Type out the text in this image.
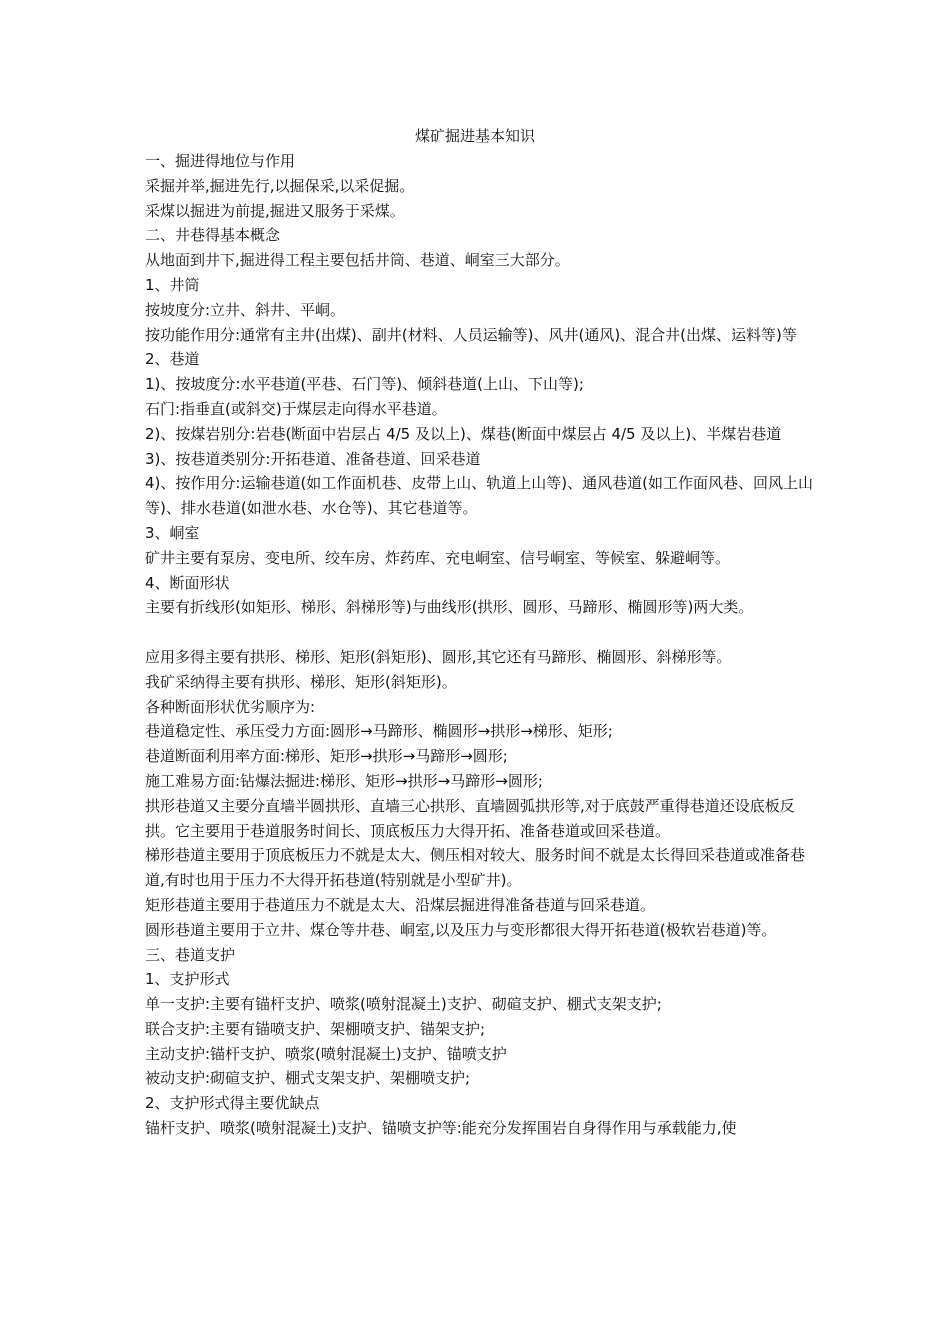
煤矿掘进基本知识

一、掘进得地位与作用

采掘并举,掘进先行,以掘保采,以采促掘。

采煤以掘进为前提,掘进又服务于采煤。

二、井巷得基本概念

从地面到井下,掘进得工程主要包括井筒、巷道、峒室三大部分。

1、井筒

按坡度分:立井、斜井、平峒。

按功能作用分:通常有主井(出煤)、副井(材料、人员运输等)、风井(通风)、混合井(出煤、运料等)等

2、巷道

1)、按坡度分:水平巷道(平巷、石门等)、倾斜巷道(上山、下山等);

石门:指垂直(或斜交)于煤层走向得水平巷道。

2)、按煤岩别分:岩巷(断面中岩层占 4/5 及以上)、煤巷(断面中煤层占 4/5 及以上)、半煤岩巷道

3)、按巷道类别分:开拓巷道、准备巷道、回采巷道

4)、按作用分:运输巷道(如工作面机巷、皮带上山、轨道上山等)、通风巷道(如工作面风巷、回风上山等)、排水巷道(如泄水巷、水仓等)、其它巷道等。

3、峒室

矿井主要有泵房、变电所、绞车房、炸药库、充电峒室、信号峒室、等候室、躲避峒等。

4、断面形状

主要有折线形(如矩形、梯形、斜梯形等)与曲线形(拱形、圆形、马蹄形、椭圆形等)两大类。

应用多得主要有拱形、梯形、矩形(斜矩形)、圆形,其它还有马蹄形、椭圆形、斜梯形等。

我矿采纳得主要有拱形、梯形、矩形(斜矩形)。

各种断面形状优劣顺序为:

巷道稳定性、承压受力方面:圆形→马蹄形、椭圆形→拱形→梯形、矩形;

巷道断面利用率方面:梯形、矩形→拱形→马蹄形→圆形;

施工难易方面:钻爆法掘进:梯形、矩形→拱形→马蹄形→圆形;

拱形巷道又主要分直墙半圆拱形、直墙三心拱形、直墙圆弧拱形等,对于底鼓严重得巷道还设底板反拱。它主要用于巷道服务时间长、顶底板压力大得开拓、准备巷道或回采巷道。

梯形巷道主要用于顶底板压力不就是太大、侧压相对较大、服务时间不就是太长得回采巷道或准备巷道,有时也用于压力不大得开拓巷道(特别就是小型矿井)。

矩形巷道主要用于巷道压力不就是太大、沿煤层掘进得准备巷道与回采巷道。

圆形巷道主要用于立井、煤仓等井巷、峒室,以及压力与变形都很大得开拓巷道(极软岩巷道)等。

三、巷道支护

1、支护形式

单一支护:主要有锚杆支护、喷浆(喷射混凝土)支护、砌碹支护、棚式支架支护;

联合支护:主要有锚喷支护、架棚喷支护、锚架支护;

主动支护:锚杆支护、喷浆(喷射混凝土)支护、锚喷支护

被动支护:砌碹支护、棚式支架支护、架棚喷支护;

2、支护形式得主要优缺点

锚杆支护、喷浆(喷射混凝土)支护、锚喷支护等:能充分发挥围岩自身得作用与承载能力,使
